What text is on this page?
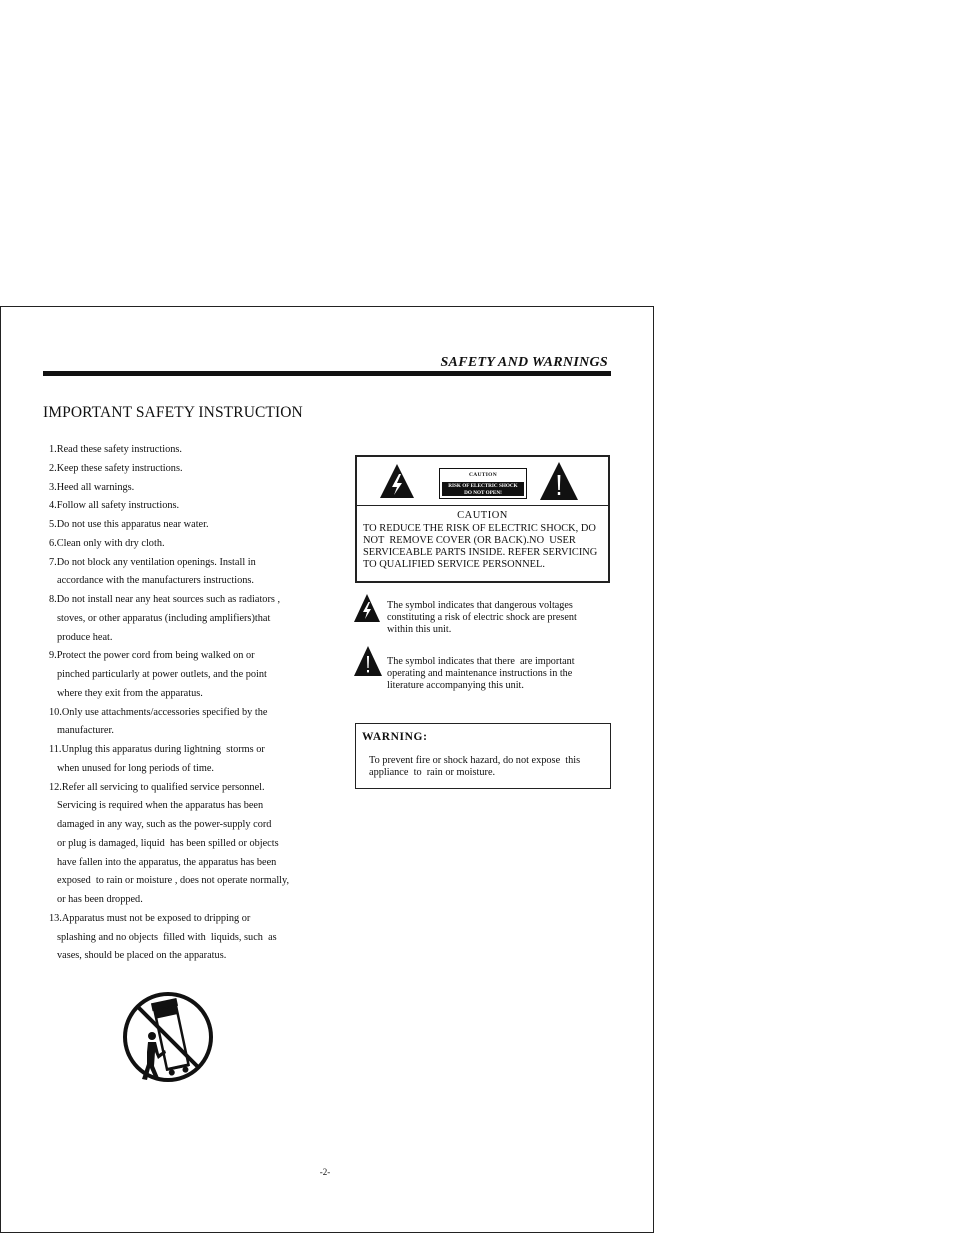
SAFETY AND WARNINGS
IMPORTANT SAFETY INSTRUCTION
1.Read these safety instructions.
2.Keep these safety instructions.
3.Heed all warnings.
4.Follow all safety instructions.
5.Do not use this apparatus near water.
6.Clean only with dry cloth.
7.Do not block any ventilation openings. Install in
accordance with the manufacturers instructions.
8.Do not install near any heat sources such as radiators ,
stoves, or other apparatus (including amplifiers)that
produce heat.
9.Protect the power cord from being walked on or
pinched particularly at power outlets, and the point
where they exit from the apparatus.
10.Only use attachments/accessories specified by the
manufacturer.
11.Unplug this apparatus during lightning  storms or
when unused for long periods of time.
12.Refer all servicing to qualified service personnel.
Servicing is required when the apparatus has been
damaged in any way, such as the power-supply cord
or plug is damaged, liquid  has been spilled or objects
have fallen into the apparatus, the apparatus has been
exposed  to rain or moisture , does not operate normally,
or has been dropped.
13.Apparatus must not be exposed to dripping or
splashing and no objects  filled with  liquids, such  as
vases, should be placed on the apparatus.
CAUTION
RISK OF ELECTRIC SHOCK
DO NOT OPEN!
CAUTION
TO REDUCE THE RISK OF ELECTRIC SHOCK, DO
NOT  REMOVE COVER (OR BACK).NO  USER
SERVICEABLE PARTS INSIDE. REFER SERVICING
TO QUALIFIED SERVICE PERSONNEL.
The symbol indicates that dangerous voltages
constituting a risk of electric shock are present
within this unit.
The symbol indicates that there  are important
operating and maintenance instructions in the
literature accompanying this unit.
WARNING:
To prevent fire or shock hazard, do not expose  this
appliance  to  rain or moisture.
-2-
